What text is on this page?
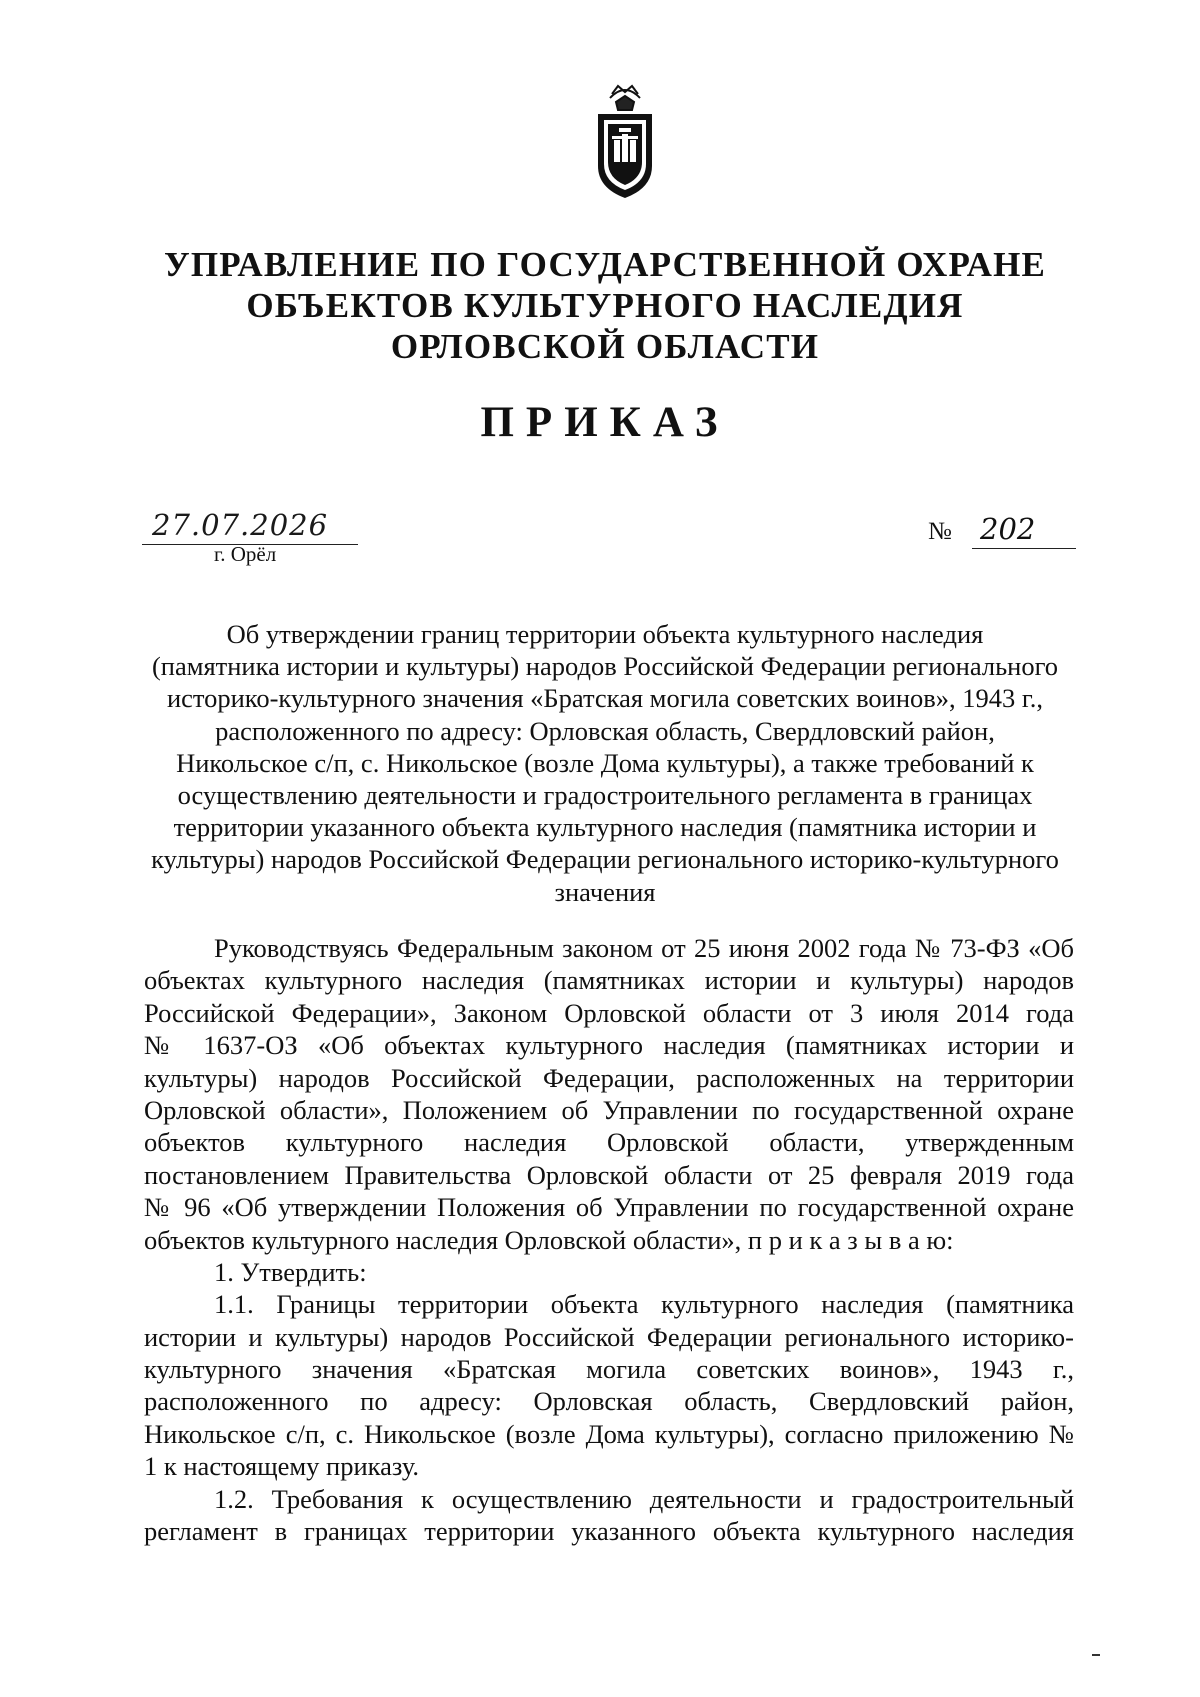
УПРАВЛЕНИЕ ПО ГОСУДАРСТВЕННОЙ ОХРАНЕ
ОБЪЕКТОВ КУЛЬТУРНОГО НАСЛЕДИЯ
ОРЛОВСКОЙ ОБЛАСТИ
ПРИКАЗ
27.07.2026
г. Орёл
№ 202
Об утверждении границ территории объекта культурного наследия
(памятника истории и культуры) народов Российской Федерации регионального
историко-культурного значения «Братская могила советских воинов», 1943 г.,
расположенного по адресу: Орловская область, Свердловский район,
Никольское с/п, с. Никольское (возле Дома культуры), а также требований к
осуществлению деятельности и градостроительного регламента в границах
территории указанного объекта культурного наследия (памятника истории и
культуры) народов Российской Федерации регионального историко-культурного
значения
Руководствуясь Федеральным законом от 25 июня 2002 года № 73-ФЗ «Об
объектах культурного наследия (памятниках истории и культуры) народов
Российской Федерации», Законом Орловской области от 3 июля 2014 года
№ 1637-ОЗ «Об объектах культурного наследия (памятниках истории и
культуры) народов Российской Федерации, расположенных на территории
Орловской области», Положением об Управлении по государственной охране
объектов культурного наследия Орловской области, утвержденным
постановлением Правительства Орловской области от 25 февраля 2019 года
№ 96 «Об утверждении Положения об Управлении по государственной охране
объектов культурного наследия Орловской области», п р и к а з ы в а ю:
1. Утвердить:
1.1. Границы территории объекта культурного наследия (памятника
истории и культуры) народов Российской Федерации регионального историко-
культурного значения «Братская могила советских воинов», 1943 г.,
расположенного по адресу: Орловская область, Свердловский район,
Никольское с/п, с. Никольское (возле Дома культуры), согласно приложению №
1 к настоящему приказу.
1.2. Требования к осуществлению деятельности и градостроительный
регламент в границах территории указанного объекта культурного наследия
